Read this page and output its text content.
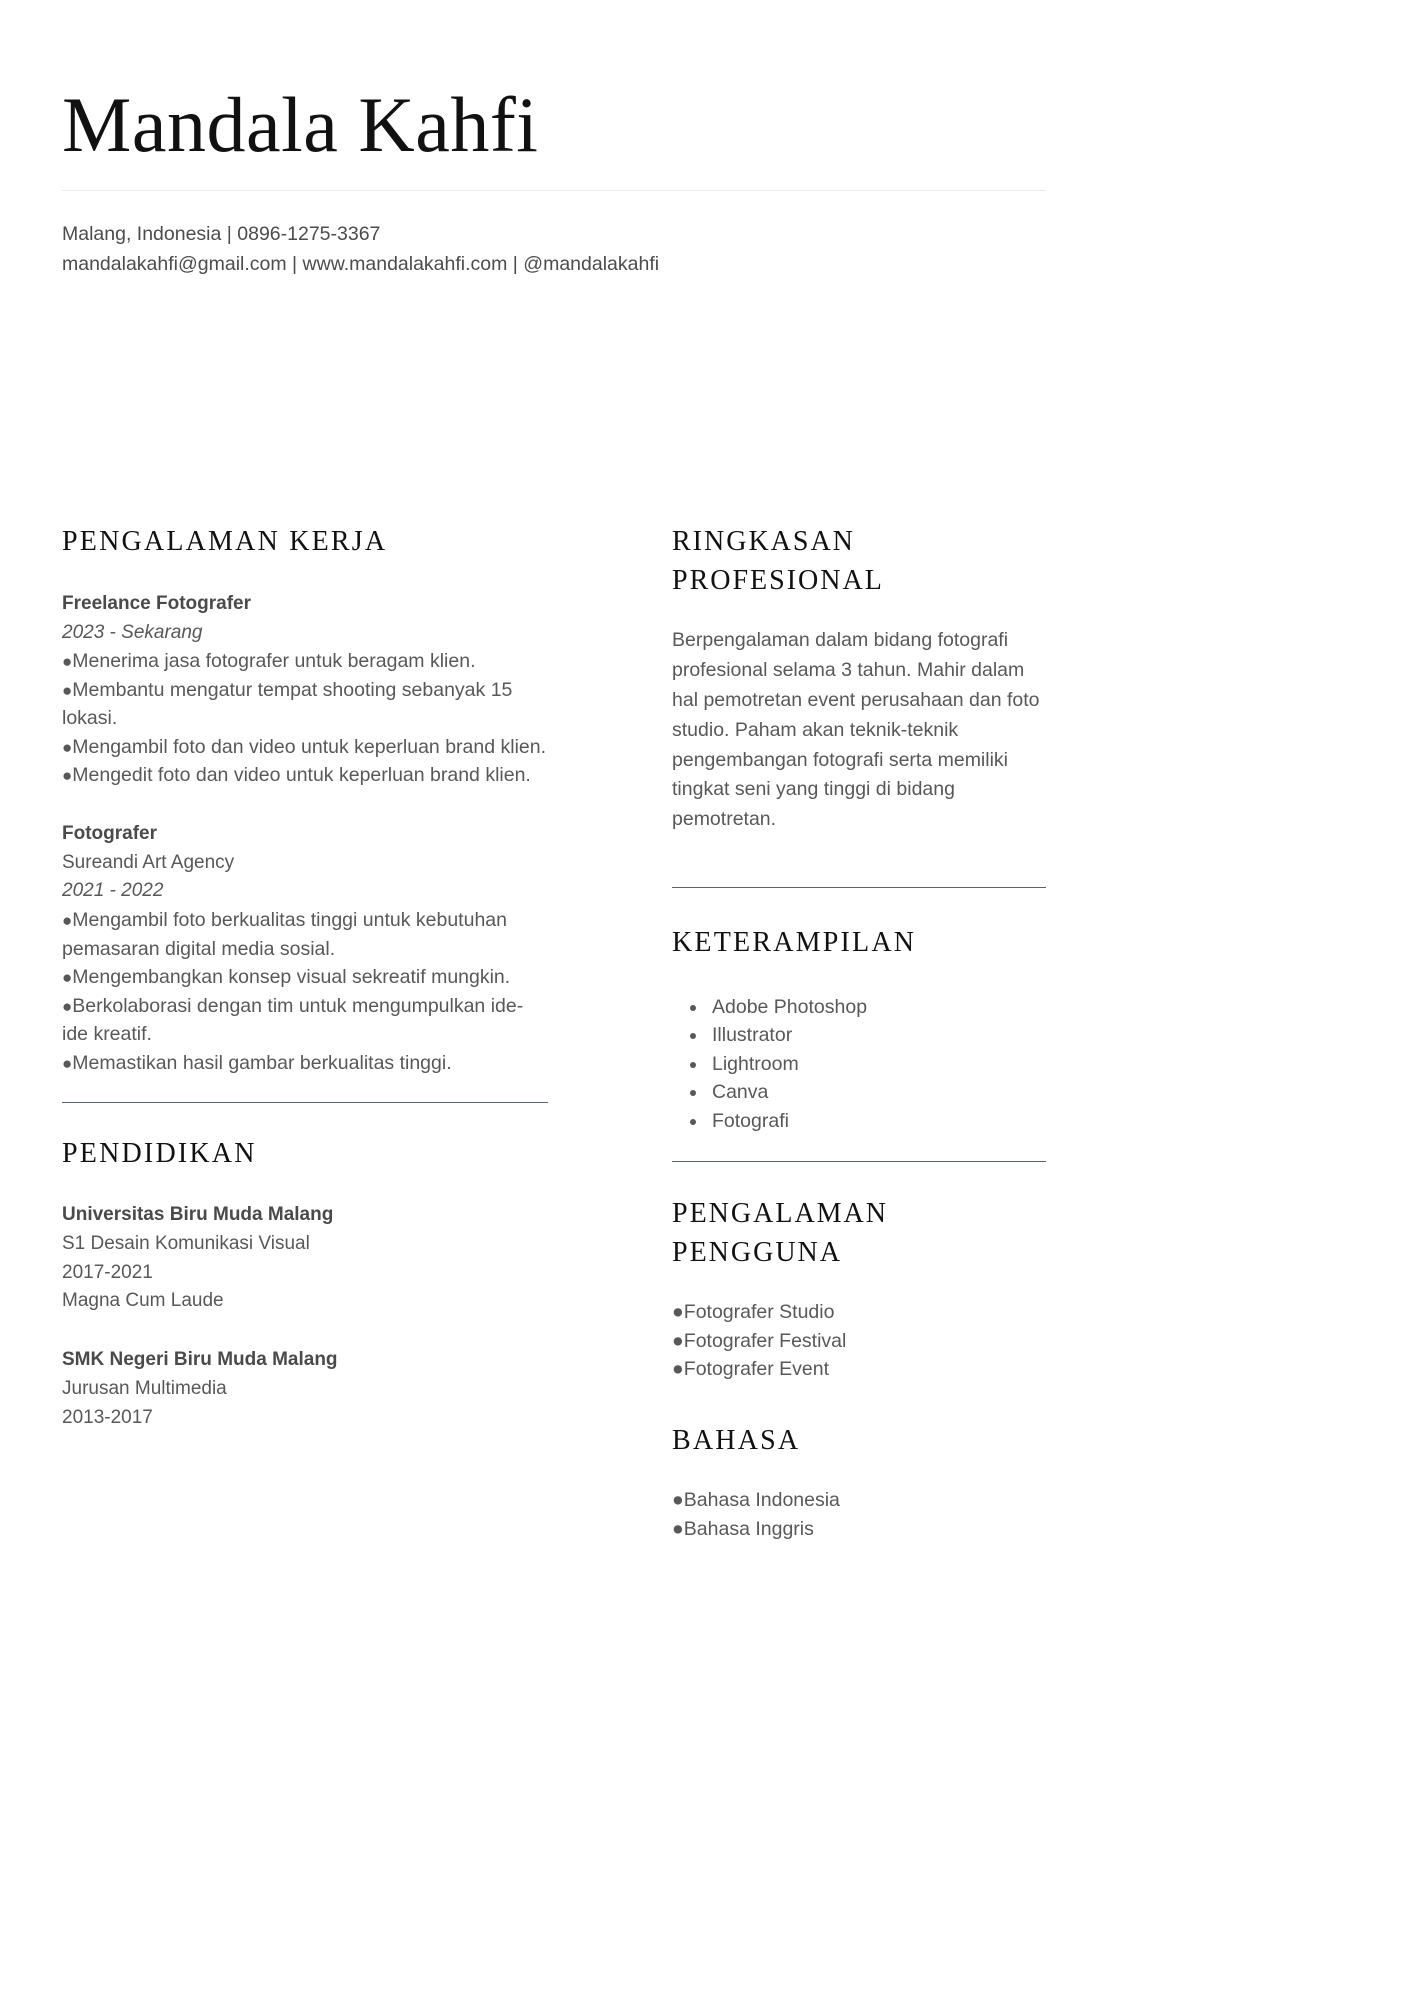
Mandala Kahfi
Malang, Indonesia | 0896-1275-3367
mandalakahfi@gmail.com | www.mandalakahfi.com | @mandalakahfi
PENGALAMAN KERJA
Freelance Fotografer
2023 - Sekarang
●Menerima jasa fotografer untuk beragam klien.
●Membantu mengatur tempat shooting sebanyak 15 lokasi.
●Mengambil foto dan video untuk keperluan brand klien.
●Mengedit foto dan video untuk keperluan brand klien.
Fotografer
Sureandi Art Agency
2021 - 2022
●Mengambil foto berkualitas tinggi untuk kebutuhan pemasaran digital media sosial.
●Mengembangkan konsep visual sekreatif mungkin.
●Berkolaborasi dengan tim untuk mengumpulkan ide-ide kreatif.
●Memastikan hasil gambar berkualitas tinggi.
PENDIDIKAN
Universitas Biru Muda Malang
S1 Desain Komunikasi Visual
2017-2021
Magna Cum Laude
SMK Negeri Biru Muda Malang
Jurusan Multimedia
2013-2017
RINGKASAN
PROFESIONAL
Berpengalaman dalam bidang fotografi profesional selama 3 tahun. Mahir dalam hal pemotretan event perusahaan dan foto studio. Paham akan teknik-teknik pengembangan fotografi serta memiliki tingkat seni yang tinggi di bidang pemotretan.
KETERAMPILAN
• Adobe Photoshop
• Illustrator
• Lightroom
• Canva
• Fotografi
PENGALAMAN
PENGGUNA
●Fotografer Studio
●Fotografer Festival
●Fotografer Event
BAHASA
●Bahasa Indonesia
●Bahasa Inggris
